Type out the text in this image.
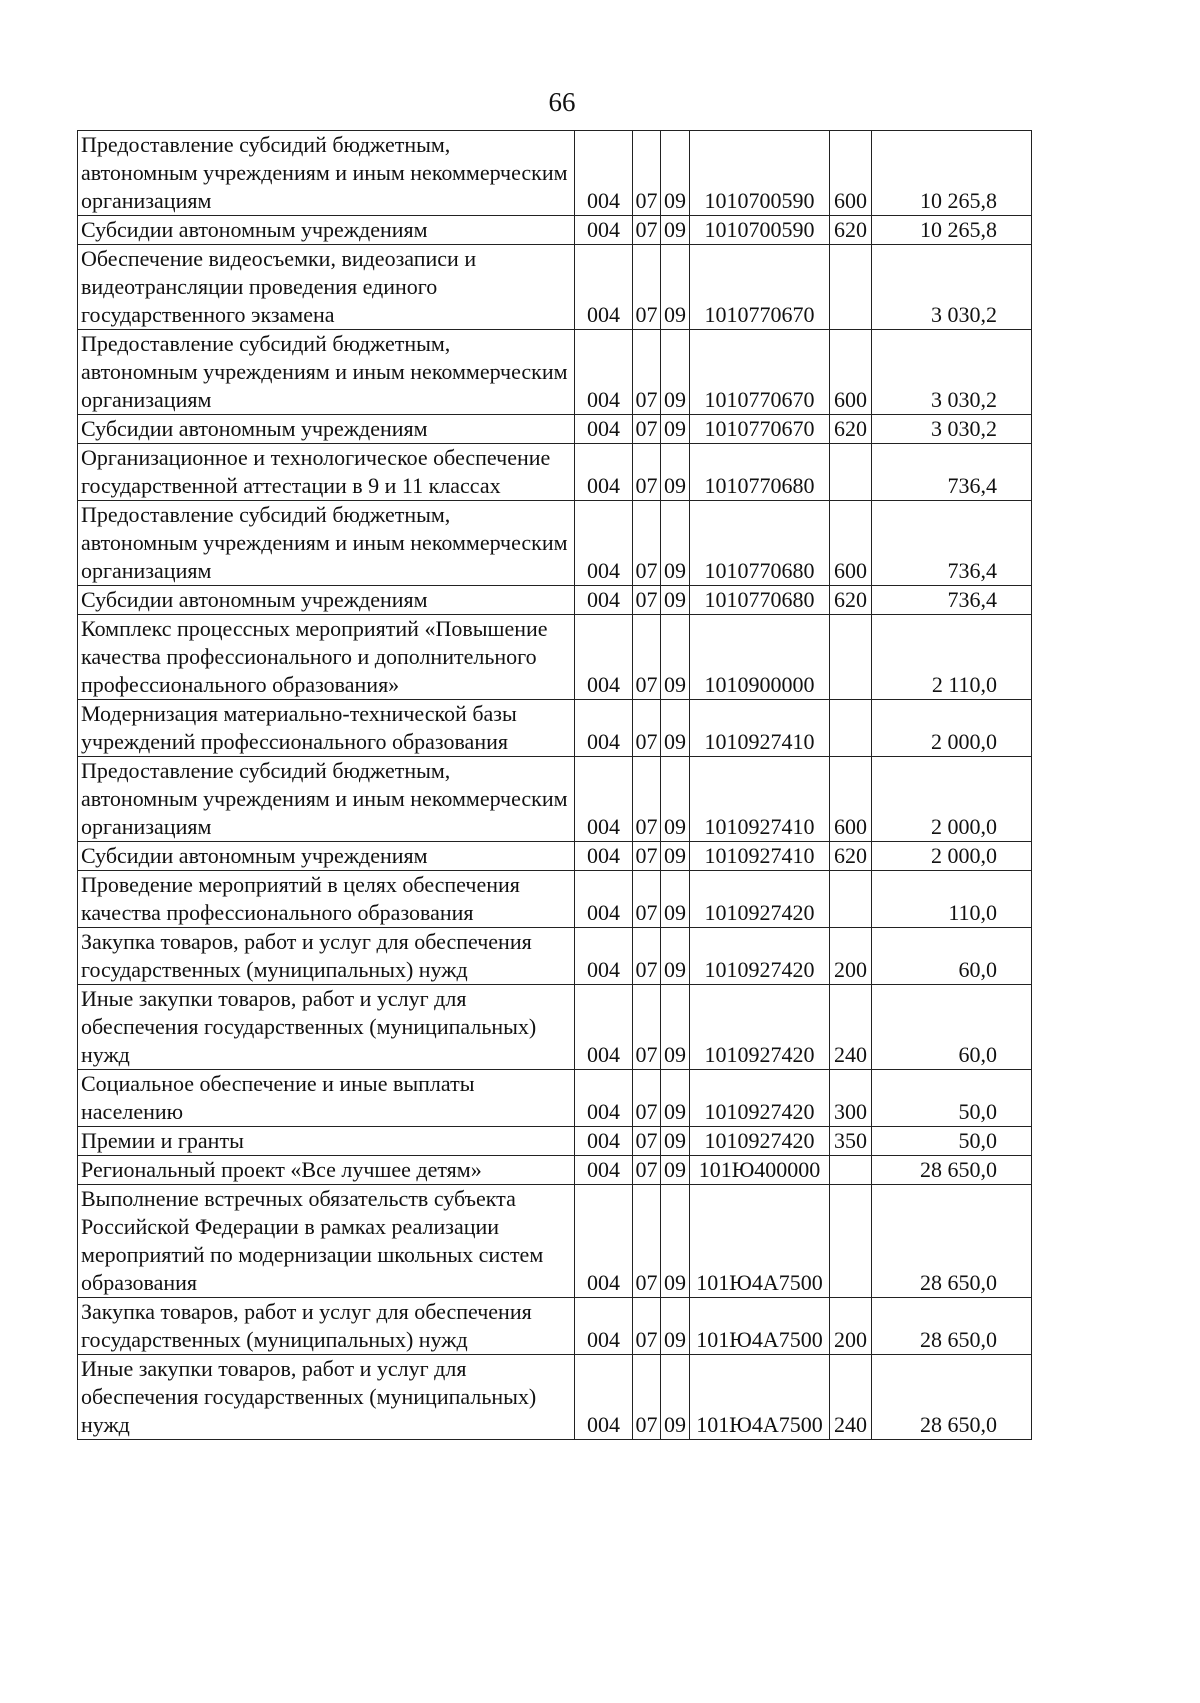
66
Предоставление субсидий бюджетным, автономным учреждениям и иным некоммерческим организациям	004	07	09	1010700590	600	10 265,8
Субсидии автономным учреждениям	004	07	09	1010700590	620	10 265,8
Обеспечение видеосъемки, видеозаписи и видеотрансляции проведения единого государственного экзамена	004	07	09	1010770670		3 030,2
Предоставление субсидий бюджетным, автономным учреждениям и иным некоммерческим организациям	004	07	09	1010770670	600	3 030,2
Субсидии автономным учреждениям	004	07	09	1010770670	620	3 030,2
Организационное и технологическое обеспечение государственной аттестации в 9 и 11 классах	004	07	09	1010770680		736,4
Предоставление субсидий бюджетным, автономным учреждениям и иным некоммерческим организациям	004	07	09	1010770680	600	736,4
Субсидии автономным учреждениям	004	07	09	1010770680	620	736,4
Комплекс процессных мероприятий «Повышение качества профессионального и дополнительного профессионального образования»	004	07	09	1010900000		2 110,0
Модернизация материально-технической базы учреждений профессионального образования	004	07	09	1010927410		2 000,0
Предоставление субсидий бюджетным, автономным учреждениям и иным некоммерческим организациям	004	07	09	1010927410	600	2 000,0
Субсидии автономным учреждениям	004	07	09	1010927410	620	2 000,0
Проведение мероприятий в целях обеспечения качества профессионального образования	004	07	09	1010927420		110,0
Закупка товаров, работ и услуг для обеспечения государственных (муниципальных) нужд	004	07	09	1010927420	200	60,0
Иные закупки товаров, работ и услуг для обеспечения государственных (муниципальных) нужд	004	07	09	1010927420	240	60,0
Социальное обеспечение и иные выплаты населению	004	07	09	1010927420	300	50,0
Премии и гранты	004	07	09	1010927420	350	50,0
Региональный проект «Все лучшее детям»	004	07	09	101Ю400000		28 650,0
Выполнение встречных обязательств субъекта Российской Федерации в рамках реализации мероприятий по модернизации школьных систем образования	004	07	09	101Ю4А7500		28 650,0
Закупка товаров, работ и услуг для обеспечения государственных (муниципальных) нужд	004	07	09	101Ю4А7500	200	28 650,0
Иные закупки товаров, работ и услуг для обеспечения государственных (муниципальных) нужд	004	07	09	101Ю4А7500	240	28 650,0
